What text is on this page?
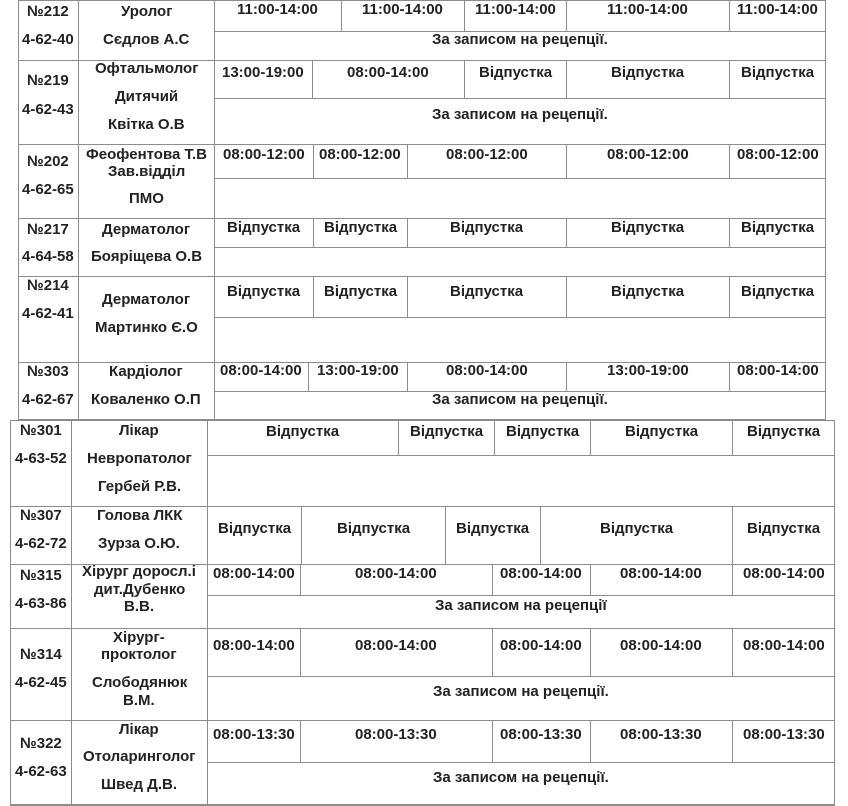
№212
4-62-40
Уролог
Сєдлов А.С
11:00-14:00	11:00-14:00 11:00-14:00	11:00-14:00	11:00-14:00
За записом на рецепції.
№219
4-62-43
Офтальмолог
Дитячий
Квітка О.В
13:00-19:00	08:00-14:00	Відпустка	Відпустка	Відпустка
За записом на рецепції.
№202
4-62-65
Феофентова Т.В
Зав.відділ
ПМО
08:00-12:00 08:00-12:00	08:00-12:00	08:00-12:00	08:00-12:00
№217
4-64-58
Дерматолог
Бояріщева О.В
Відпустка Відпустка	Відпустка	Відпустка	Відпустка
№214
4-62-41
Дерматолог
Мартинко Є.О
Відпустка Відпустка	Відпустка	Відпустка	Відпустка
№303
4-62-67
Кардіолог
Коваленко О.П
08:00-14:00 13:00-19:00	08:00-14:00	13:00-19:00	08:00-14:00
За записом на рецепції.
№301
4-63-52
Лікар
Невропатолог
Гербей Р.В.
Відпустка	Відпустка Відпустка	Відпустка	Відпустка
№307
4-62-72
Голова ЛКК
Зурза О.Ю.
Відпустка	Відпустка	Відпустка	Відпустка	Відпустка
№315
4-63-86
Хірург доросл.і
дит.Дубенко
В.В.
08:00-14:00	08:00-14:00	08:00-14:00	08:00-14:00	08:00-14:00
За записом на рецепції
№314
4-62-45
Хірург-
проктолог
Слободянюк
В.М.
08:00-14:00	08:00-14:00	08:00-14:00	08:00-14:00	08:00-14:00
За записом на рецепції.
№322
4-62-63
Лікар
Отоларинголог
Швед Д.В.
08:00-13:30	08:00-13:30	08:00-13:30	08:00-13:30	08:00-13:30
За записом на рецепції.
